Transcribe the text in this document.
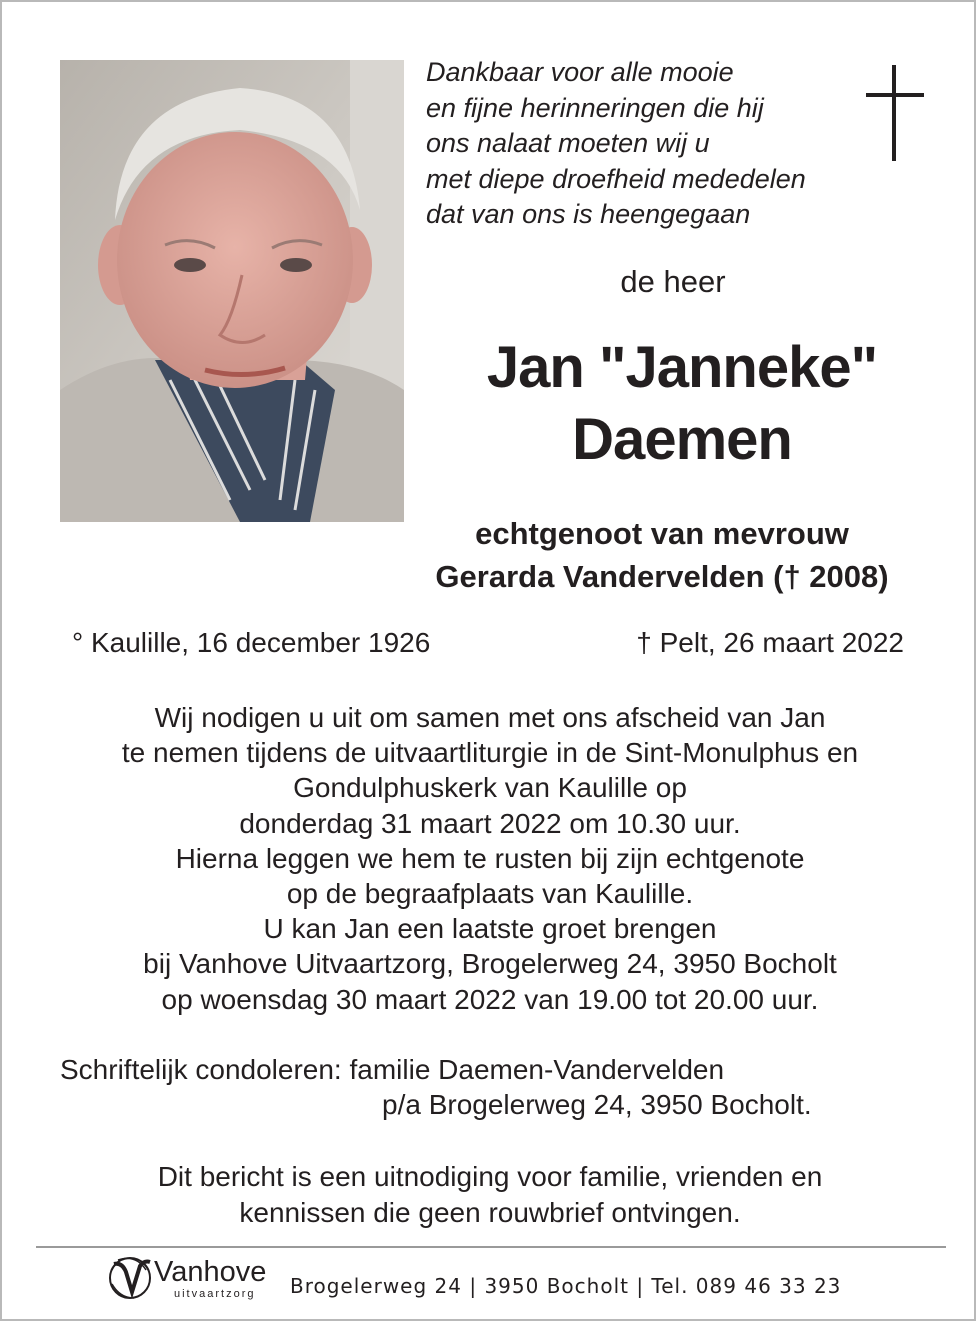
Dankbaar voor alle mooie
en fijne herinneringen die hij
ons nalaat moeten wij u
met diepe droefheid mededelen
dat van ons is heengegaan
de heer
Jan "Janneke"
Daemen
echtgenoot van mevrouw
Gerarda Vandervelden († 2008)
° Kaulille, 16 december 1926	† Pelt, 26 maart 2022
Wij nodigen u uit om samen met ons afscheid van Jan
te nemen tijdens de uitvaartliturgie in de Sint-Monulphus en
Gondulphuskerk van Kaulille op
donderdag 31 maart 2022 om 10.30 uur.
Hierna leggen we hem te rusten bij zijn echtgenote
op de begraafplaats van Kaulille.
U kan Jan een laatste groet brengen
bij Vanhove Uitvaartzorg, Brogelerweg 24, 3950 Bocholt
op woensdag 30 maart 2022 van 19.00 tot 20.00 uur.
Schriftelijk condoleren: familie Daemen-Vandervelden
p/a Brogelerweg 24, 3950 Bocholt.
Dit bericht is een uitnodiging voor familie, vrienden en
kennissen die geen rouwbrief ontvingen.
Vanhove
uitvaartzorg Brogelerweg 24 | 3950 Bocholt | Tel. 089 46 33 23
